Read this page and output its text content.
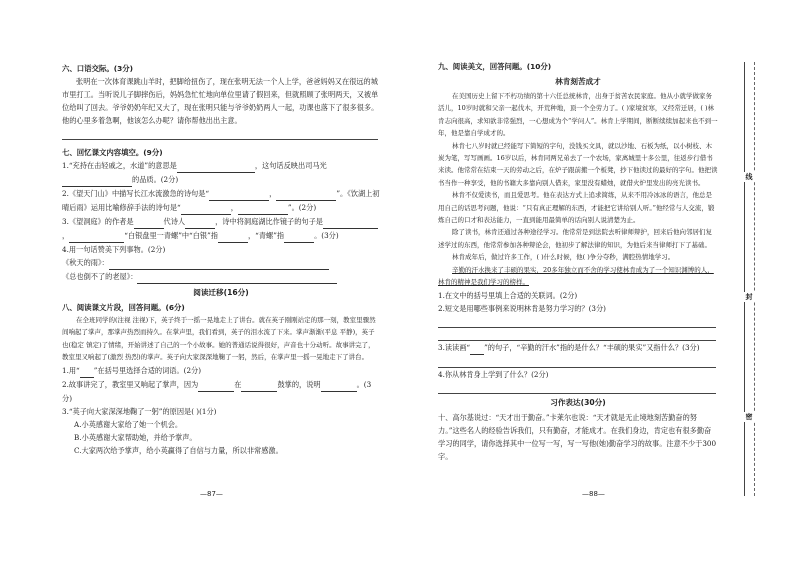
六、口语交际。(3分)

张明在一次体育课跳山羊时，把脚给扭伤了，现在张明无法一个人上学，爸爸妈妈又在很远的城市里打工。当听说儿子脚摔伤后，妈妈急忙忙地向单位里请了假回来，但就照顾了张明两天，又被单位给叫了回去。爷爷奶奶年纪又大了，现在张明只能与爷爷奶奶两人一起，功课也落下了很多很多。他的心里多着急啊，他该怎么办呢？请你帮他出出主意。

七、回忆课文内容填空。(9分)

1.“充持在击轻戚之，水道”的意思是	，这句话反映出司马光 的品质。(2分)

2.《望天门山》中描写长江水流激急的诗句是“	，	”。《饮湖上初晴后雨》运用比喻修辞手法的诗句是“	，	”。(2分)

3.《望洞庭》的作者是	代诗人	，诗中将洞庭湖比作镜子的句子是 ，	“白银盘里一青螺”中“白银”指	，“青螺”指	。(3分)

4.用一句话赞美下列事物。(2分)

《秋天的雨》：

《总也倒不了的老屋》：

阅读迁移(16分)

八、阅读课文片段，回答问题。(6分)

在全班同学的(注视 注视)下，英子终于一摇一晃地走上了讲台。就在英子刚刚站定的那一刻，教室里骤然间响起了掌声，那掌声热烈而持久。在掌声里，我们看到，英子的泪水流了下来。掌声渐渐(平息 平静)，英子也(稳定 镇定)了情绪，开始讲述了自己的一个小故事。她的普通话说得很好，声音也十分动听。故事讲完了，教室里又响起了(激烈 热烈)的掌声。英子向大家深深地鞠了一躬，然后，在掌声里一摇一晃地走下了讲台。

1.用“ ”在括号里选择合适的词语。(2分)

2.故事讲完了，教室里又响起了掌声，因为	在	鼓掌的，说明	。(3分)

3.“英子向大家深深地鞠了一躬”的原因是( )(1分)

A.小英感谢大家给了她一个机会。

B.小英感谢大家帮助她，并给予掌声。

C.大家两次给予掌声，给小英赢得了自信与力量，所以非常感激。

—87—

九、阅读美文，回答问题。(10分)

林肯刻苦成才

在美国历史上留下不朽功绩的第十六任总统林肯，出身于贫苦农民家庭。他从小就学做家务活儿，10岁时就和父亲一起伐木，开荒种地，顶一个全劳力了。( )家境贫寒，又经常迁居，( )林肯志向很高，求知欲非常强烈，一心想成为个“学问人”。林肯上学期间，断断续续加起来也不到一年，他是靠自学成才的。

林肯七八岁时就已经能写下简短的字句，没钱买文具，就以沙地、石板为纸，以小树枝、木炭为笔，写写画画。16岁以后，林肯同两兄弟去了一个农场，家离城里十多公里，往返步行借书来读。他常常在结束一天的劳动之后，在炉子跟前搬一个板凳，抄下他读过的最好的字句。他把读书当作一种享受，他的书籍大多靠向别人借来，家里没有蜡烛，就借火炉里发出的亮光读书。

林肯不仅爱读书，而且爱思考。他在表达方式上追求简练，从来不用冷冰冰的语言，他总是用自己的话思考问题，他说：“只有真正理解的东西，才能把它讲给别人听。”他经常与人交流，锻炼自己的口才和表达能力，一直到能用最简单的话向别人说清楚为止。

除了读书，林肯还通过各种途径学习。他常常是到法院去听律师辩护，回来后他向邻居们复述学过的东西，他常常参加各种辩论会，他初步了解法律的知识，为他后来当律师打下了基础。

林肯成年后，做过许多工作，( )什么时候，他( )争分夺秒，满腔热情地学习。

辛勤的汗水换来了丰硕的果实，20多年独立而不舍的学习使林肯成为了一个知识渊博的人，林肯的精神是我们学习的榜样。

1.在文中的括号里填上合适的关联词。(2分)

2.短文是用哪些事例来说明林肯是努力学习的？(3分)

3.读读画“ ”的句子，“辛勤的汗水”指的是什么？“丰硕的果实”又指什么？(3分)

4.你从林肯身上学到了什么？(2分)

习作表达(30分)

十、高尔基说过：“天才出于勤奋。”卡莱尔也说：“天才就是无止境地刻苦勤奋的努力。”这些名人的经验告诉我们，只有勤奋，才能成才。在我们身边，肯定也有很多勤奋学习的同学，请你选择其中一位写一写，写一写他(她)勤奋学习的故事。注意不少于300字。

—88—
线
封
密
